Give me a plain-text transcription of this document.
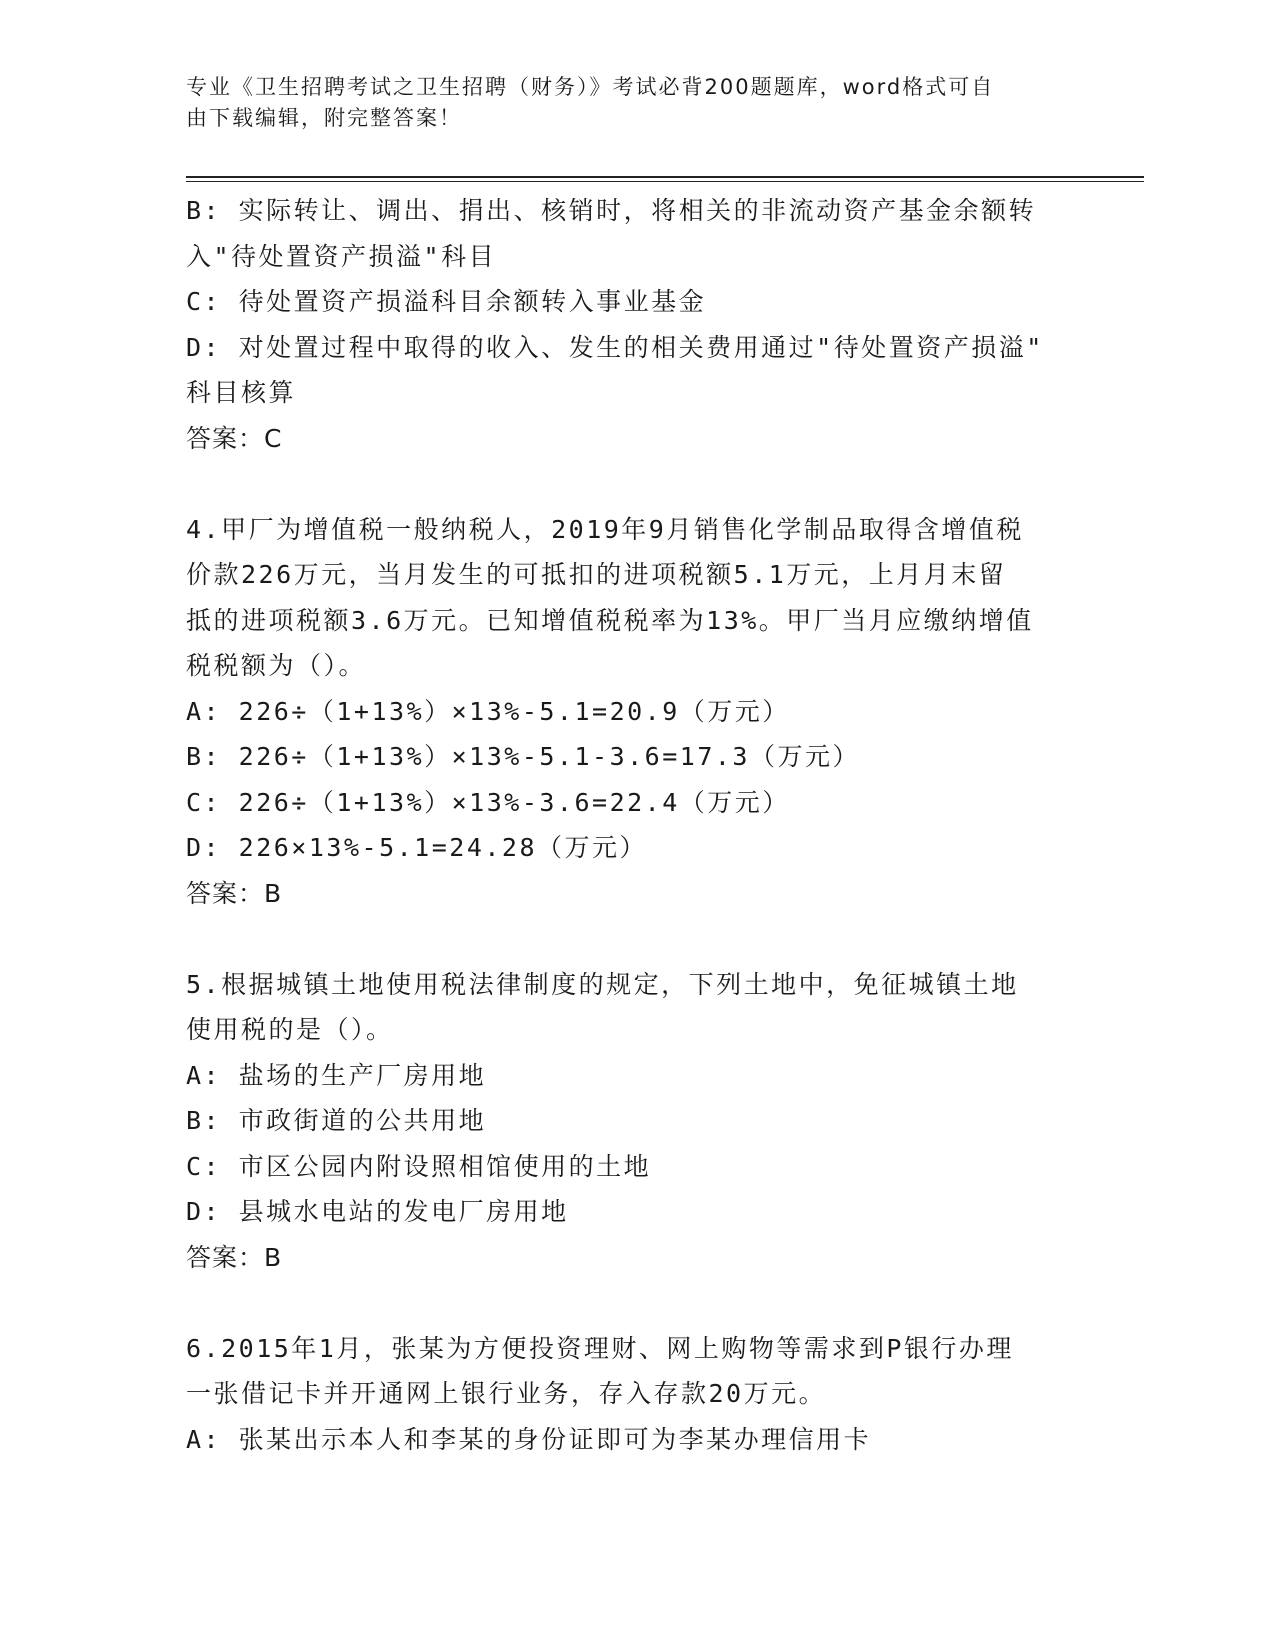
专业《卫生招聘考试之卫生招聘（财务）》考试必背200题题库，word格式可自
由下载编辑，附完整答案！
B: 实际转让、调出、捐出、核销时，将相关的非流动资产基金余额转
入"待处置资产损溢"科目
C: 待处置资产损溢科目余额转入事业基金
D: 对处置过程中取得的收入、发生的相关费用通过"待处置资产损溢"
科目核算
答案：C
4.甲厂为增值税一般纳税人，2019年9月销售化学制品取得含增值税
价款226万元，当月发生的可抵扣的进项税额5.1万元，上月月末留
抵的进项税额3.6万元。已知增值税税率为13%。甲厂当月应缴纳增值
税税额为（）。
A: 226÷（1+13%）×13%-5.1=20.9（万元）
B: 226÷（1+13%）×13%-5.1-3.6=17.3（万元）
C: 226÷（1+13%）×13%-3.6=22.4（万元）
D: 226×13%-5.1=24.28（万元）
答案：B
5.根据城镇土地使用税法律制度的规定，下列土地中，免征城镇土地
使用税的是（）。
A: 盐场的生产厂房用地
B: 市政街道的公共用地
C: 市区公园内附设照相馆使用的土地
D: 县城水电站的发电厂房用地
答案：B
6.2015年1月，张某为方便投资理财、网上购物等需求到P银行办理
一张借记卡并开通网上银行业务，存入存款20万元。
A: 张某出示本人和李某的身份证即可为李某办理信用卡
